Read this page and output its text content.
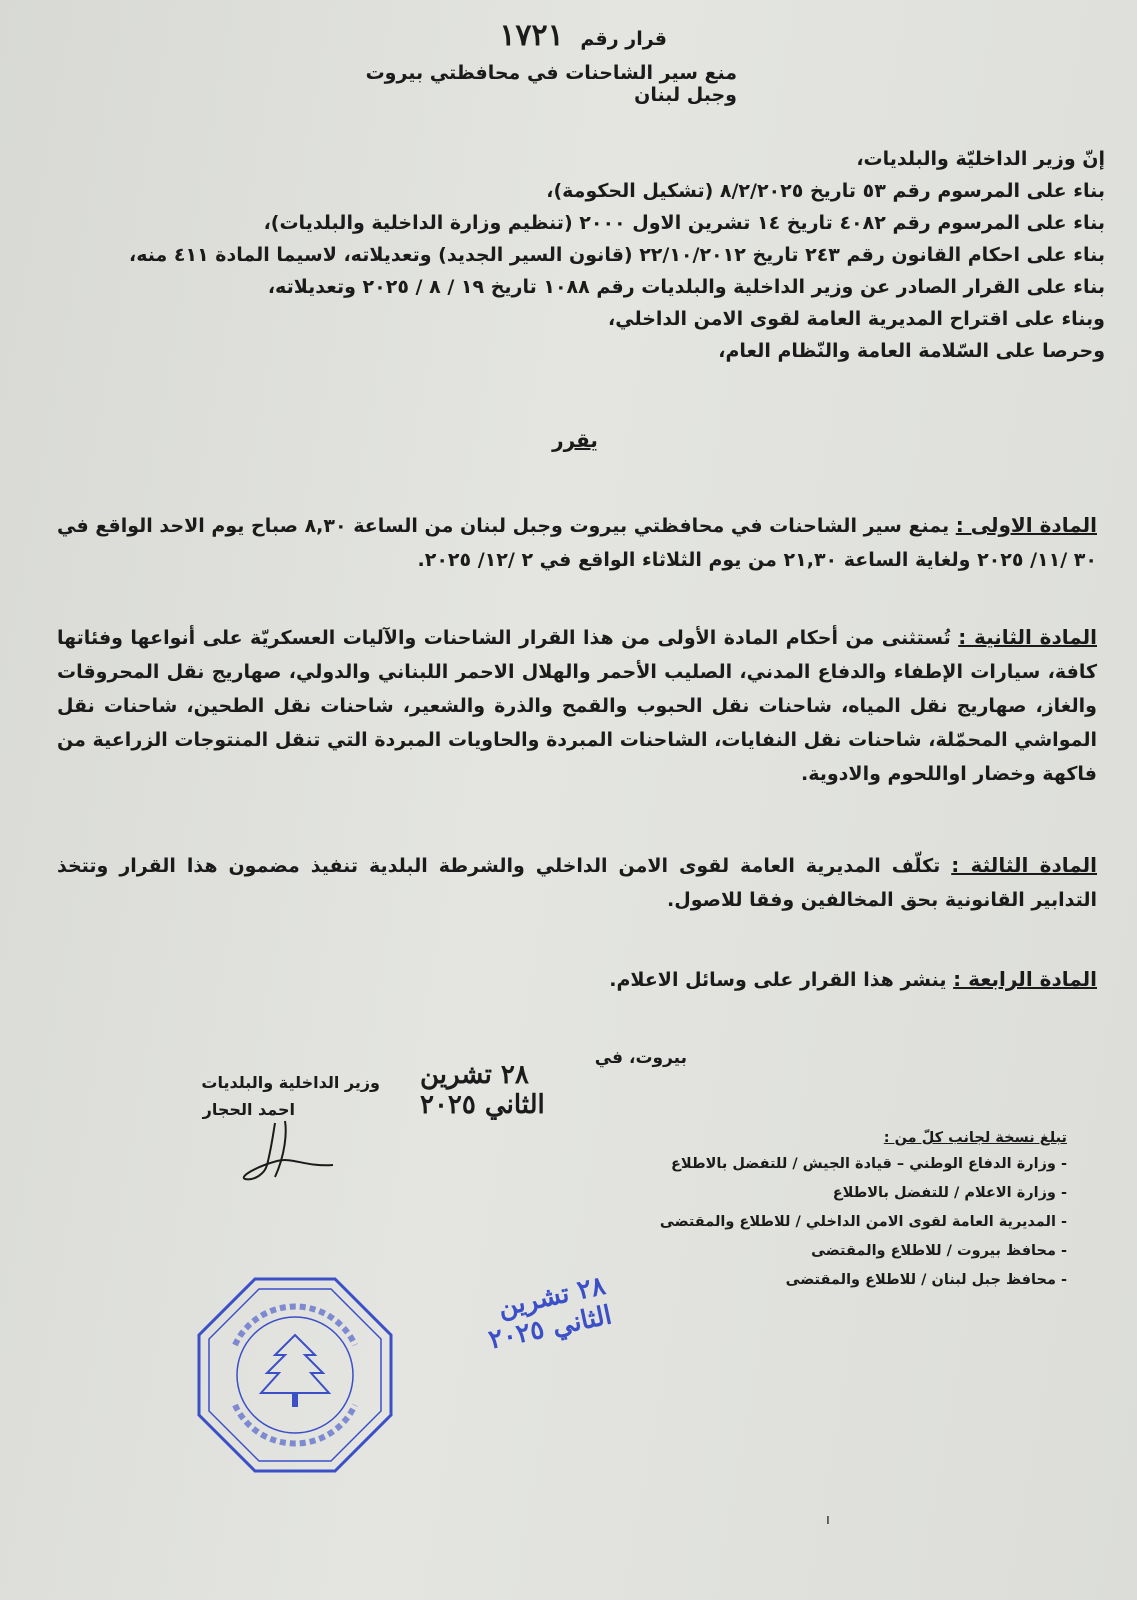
قرار رقم ١٧٢١
منع سير الشاحنات في محافظتي بيروت وجبل لبنان
إنّ وزير الداخليّة والبلديات،
بناء على المرسوم رقم ٥٣ تاريخ ٨/٢/٢٠٢٥ (تشكيل الحكومة)،
بناء على المرسوم رقم ٤٠٨٢ تاريخ ١٤ تشرين الاول ٢٠٠٠ (تنظيم وزارة الداخلية والبلديات)،
بناء على احكام القانون رقم ٢٤٣ تاريخ ٢٢/١٠/٢٠١٢ (قانون السير الجديد) وتعديلاته، لاسيما المادة ٤١١ منه،
بناء على القرار الصادر عن وزير الداخلية والبلديات رقم ١٠٨٨ تاريخ ١٩ / ٨ / ٢٠٢٥ وتعديلاته،
وبناء على اقتراح المديرية العامة لقوى الامن الداخلي،
وحرصا على السّلامة العامة والنّظام العام،
يقرر
المادة الاولى : يمنع سير الشاحنات في محافظتي بيروت وجبل لبنان من الساعة ٨,٣٠ صباح يوم الاحد الواقع في ٣٠ /١١/ ٢٠٢٥ ولغاية الساعة ٢١,٣٠ من يوم الثلاثاء الواقع في ٢ /١٢/ ٢٠٢٥.
المادة الثانية : تُستثنى من أحكام المادة الأولى من هذا القرار الشاحنات والآليات العسكريّة على أنواعها وفئاتها كافة، سيارات الإطفاء والدفاع المدني، الصليب الأحمر والهلال الاحمر اللبناني والدولي، صهاريج نقل المحروقات والغاز، صهاريج نقل المياه، شاحنات نقل الحبوب والقمح والذرة والشعير، شاحنات نقل الطحين، شاحنات نقل المواشي المحمّلة، شاحنات نقل النفايات، الشاحنات المبردة والحاويات المبردة التي تنقل المنتوجات الزراعية من فاكهة وخضار اواللحوم والادوية.
المادة الثالثة : تكلّف المديرية العامة لقوى الامن الداخلي والشرطة البلدية تنفيذ مضمون هذا القرار وتتخذ التدابير القانونية بحق المخالفين وفقا للاصول.
المادة الرابعة : ينشر هذا القرار على وسائل الاعلام.
بيروت، في
٢٨ تشرين الثاني ٢٠٢٥
وزير الداخلية والبلديات
احمد الحجار
تبلغ نسخة لجانب كلّ من :
- وزارة الدفاع الوطني – قيادة الجيش / للتفضل بالاطلاع
- وزارة الاعلام / للتفضل بالاطلاع
- المديرية العامة لقوى الامن الداخلي / للاطلاع والمقتضى
- محافظ بيروت / للاطلاع والمقتضى
- محافظ جبل لبنان / للاطلاع والمقتضى
٢٨ تشرين الثاني ٢٠٢٥
ı
